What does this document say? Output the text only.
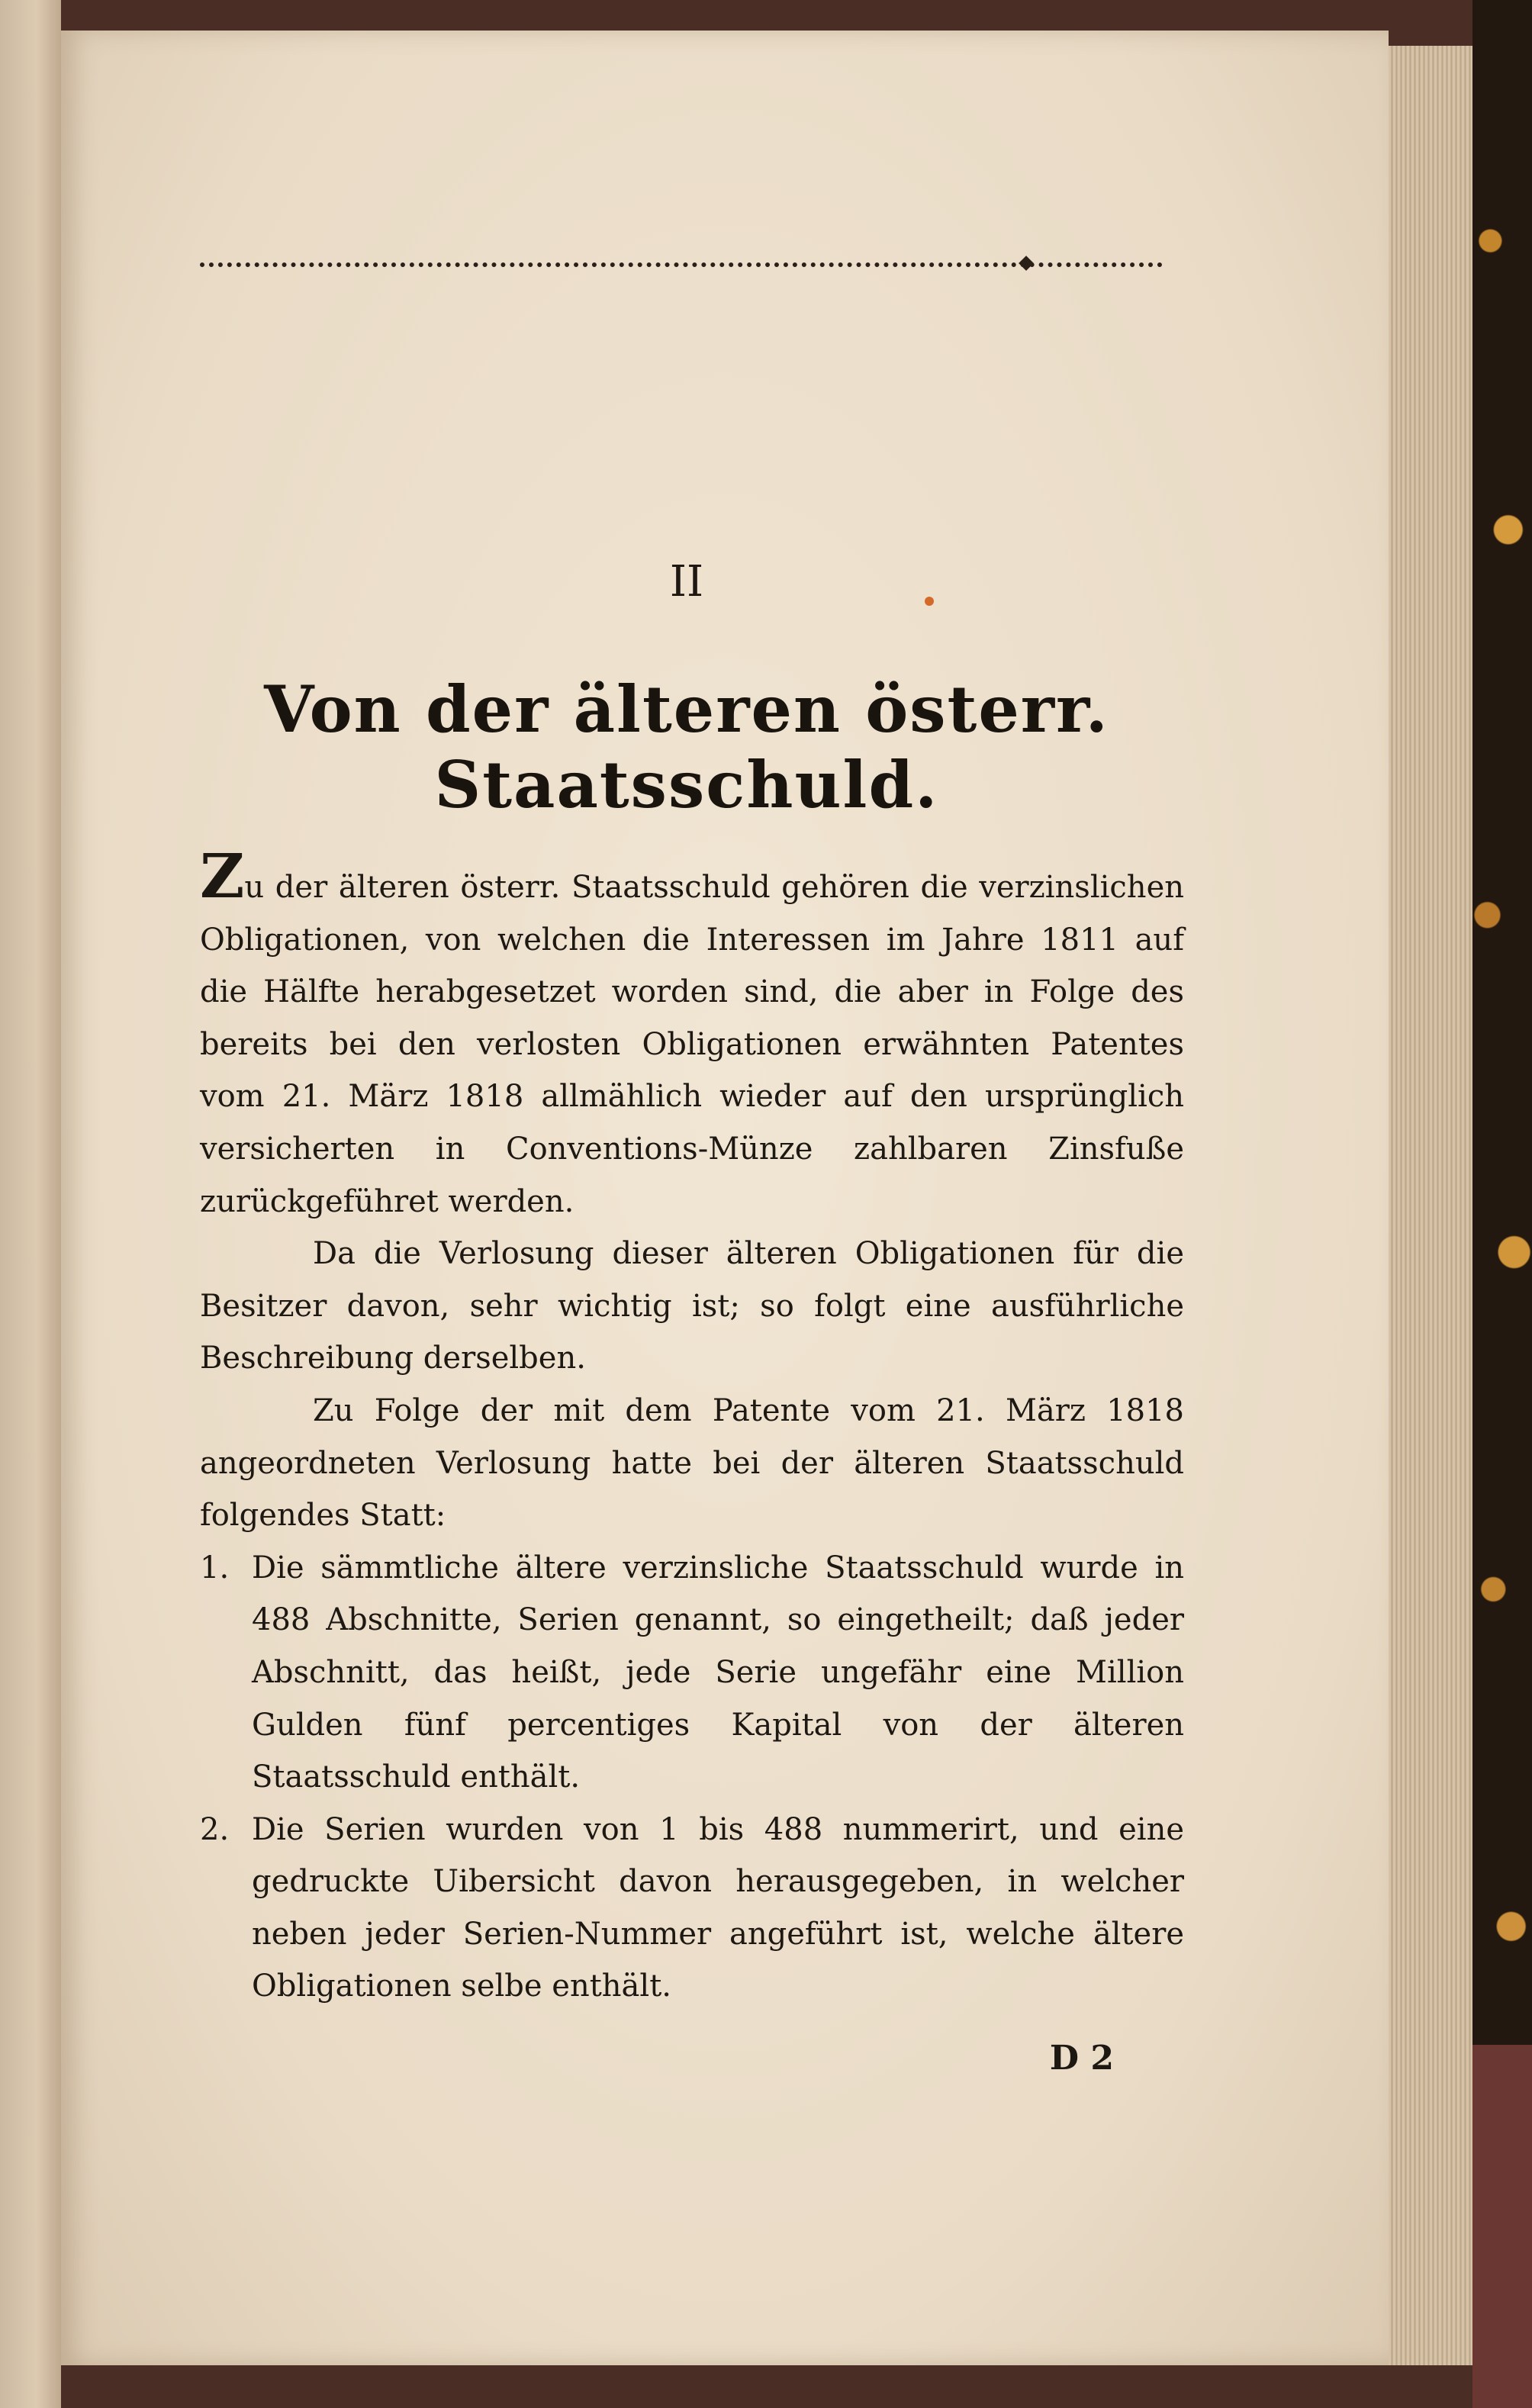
II
Von der älteren österr. Staatsschuld.

Zu der älteren österr. Staatsschuld gehören die verzinslichen Obligationen, von welchen die Interessen im Jahre 1811 auf die Hälfte herabgesetzet worden sind, die aber in Folge des bereits bei den verlosten Obligationen erwähnten Patentes vom 21. März 1818 allmählich wieder auf den ursprünglich versicherten in Conventions-Münze zahlbaren Zinsfuße zurückgeführet werden.

Da die Verlosung dieser älteren Obligationen für die Besitzer davon, sehr wichtig ist; so folgt eine ausführliche Beschreibung derselben.

Zu Folge der mit dem Patente vom 21. März 1818 angeordneten Verlosung hatte bei der älteren Staatsschuld folgendes Statt:

1. Die sämmtliche ältere verzinsliche Staatsschuld wurde in 488 Abschnitte, Serien genannt, so eingetheilt; daß jeder Abschnitt, das heißt, jede Serie ungefähr eine Million Gulden fünf percentiges Kapital von der älteren Staatsschuld enthält.
2. Die Serien wurden von 1 bis 488 nummerirt, und eine gedruckte Uibersicht davon herausgegeben, in welcher neben jeder Serien-Nummer angeführt ist, welche ältere Obligationen selbe enthält.
D 2
